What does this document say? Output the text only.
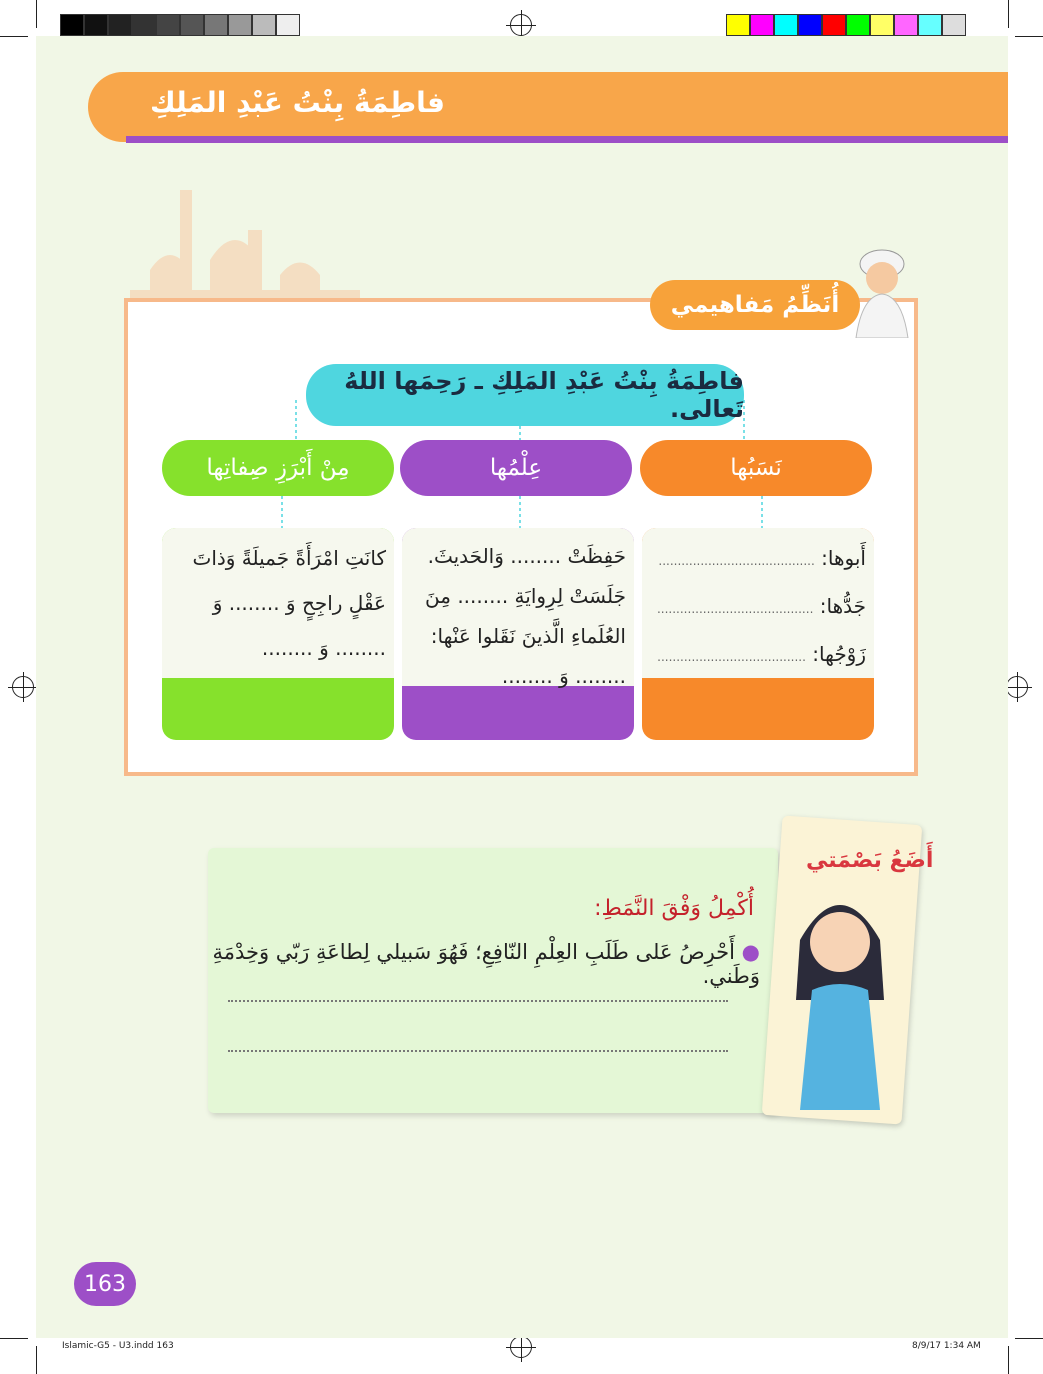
فاطِمَةُ بِنْتُ عَبْدِ المَلِكِ
أُنَظِّمُ مَفاهيمي
فاطِمَةُ بِنْتُ عَبْدِ المَلِكِ ـ رَحِمَها اللهُ تَعالى.
نَسَبُها
عِلْمُها
مِنْ أَبْرَزِ صِفاتِها
أَبوها: .........................................
جَدُّها: .........................................
زَوْجُها: .......................................
حَفِظَتْ ........ وَالحَديثَ.
جَلَسَتْ لِرِوايَةِ ........ مِنَ
العُلَماءِ الَّذينَ نَقَلوا عَنْها:
........ وَ ........
كانَتِ امْرَأَةً جَميلَةً وَذاتَ
عَقْلٍ راجِحٍ وَ ........ وَ
........ وَ ........
أُكْمِلُ وَفْقَ النَّمَطِ:
● أَحْرِصُ عَلى طَلَبِ العِلْمِ النّافِعِ؛ فَهُوَ سَبيلي لِطاعَةِ رَبّي وَخِدْمَةِ وَطَني.
أَضَعُ بَصْمَتي
163
Islamic-G5 - U3.indd 163	8/9/17 1:34 AM
